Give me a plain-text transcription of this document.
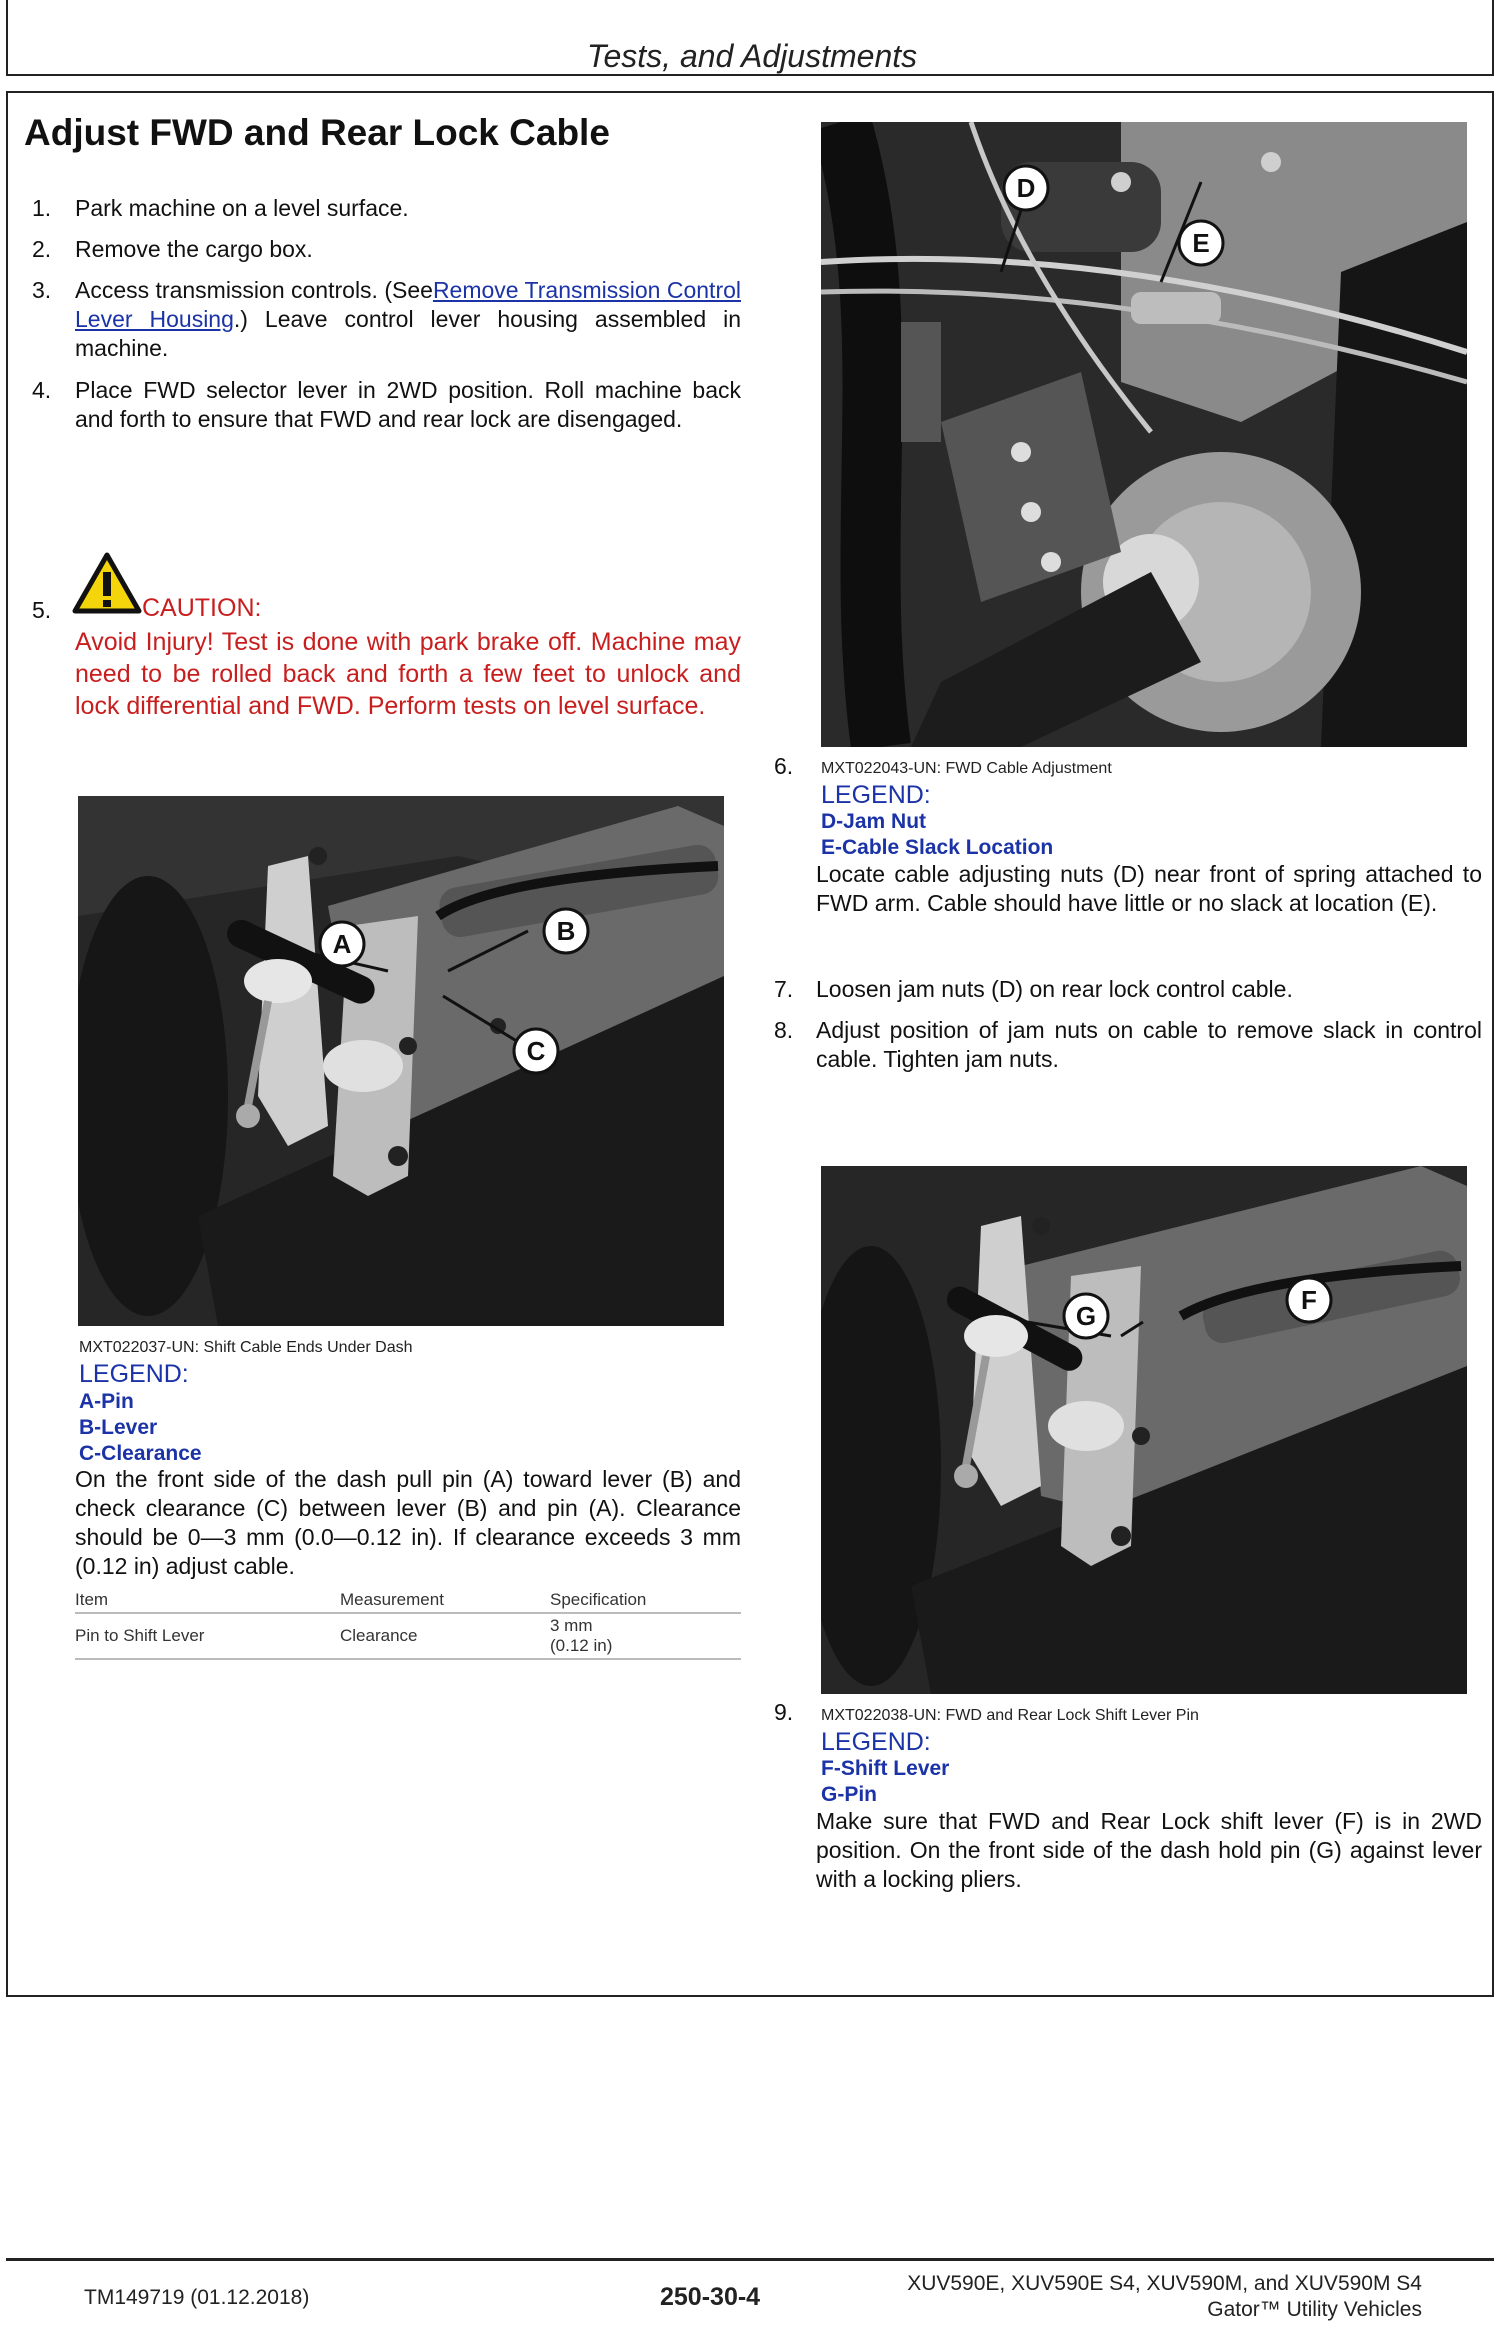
Tests, and Adjustments
Adjust FWD and Rear Lock Cable
1.	Park machine on a level surface.
2.	Remove the cargo box.
3.	Access transmission controls. (SeeRemove Transmission Control Lever Housing.) Leave control lever housing assembled in machine.
4.	Place FWD selector lever in 2WD position. Roll machine back and forth to ensure that FWD and rear lock are disengaged.
5.	CAUTION:
Avoid Injury! Test is done with park brake off. Machine may need to be rolled back and forth a few feet to unlock and lock differential and FWD. Perform tests on level surface.
A	B
C
MXT022037-UN: Shift Cable Ends Under Dash
LEGEND:
A-Pin
B-Lever
C-Clearance
On the front side of the dash pull pin (A) toward lever (B) and check clearance (C) between lever (B) and pin (A). Clearance should be 0—3 mm (0.0—0.12 in). If clearance exceeds 3 mm (0.12 in) adjust cable.
Item	Measurement	Specification
Pin to Shift Lever	Clearance	3 mm
(0.12 in)
D
E
6.	MXT022043-UN: FWD Cable Adjustment
LEGEND:
D-Jam Nut
E-Cable Slack Location
Locate cable adjusting nuts (D) near front of spring attached to FWD arm. Cable should have little or no slack at location (E).
7. Loosen jam nuts (D) on rear lock control cable.
8. Adjust position of jam nuts on cable to remove slack in control cable. Tighten jam nuts.
G
F
9.	MXT022038-UN: FWD and Rear Lock Shift Lever Pin
LEGEND:
F-Shift Lever
G-Pin
Make sure that FWD and Rear Lock shift lever (F) is in 2WD position. On the front side of the dash hold pin (G) against lever with a locking pliers.
TM149719 (01.12.2018)	250-30-4	XUV590E, XUV590E S4, XUV590M, and XUV590M S4
Gator™ Utility Vehicles
